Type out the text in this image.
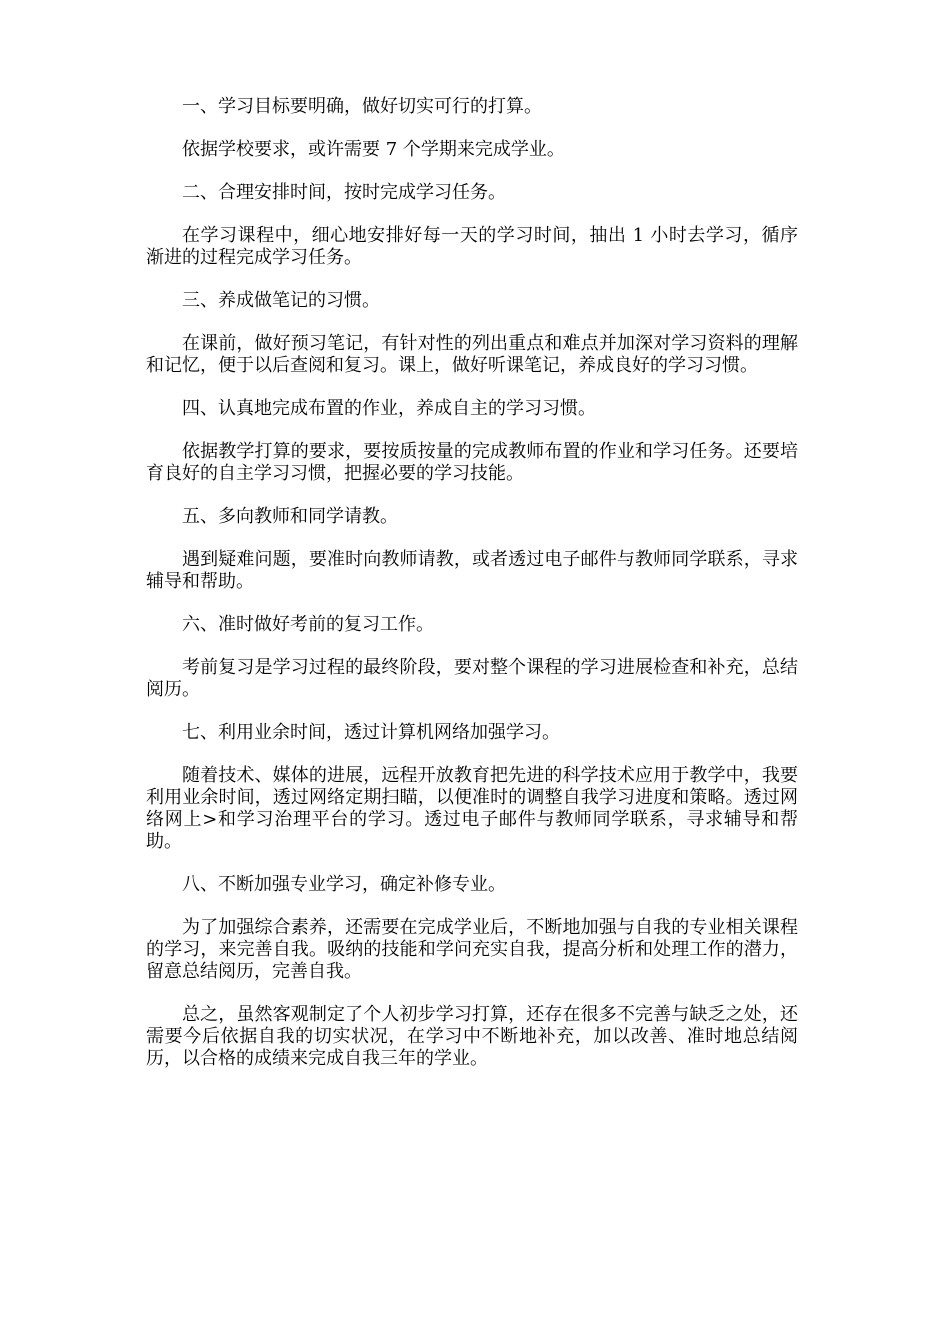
一、学习目标要明确，做好切实可行的打算。

依据学校要求，或许需要 7 个学期来完成学业。

二、合理安排时间，按时完成学习任务。

在学习课程中，细心地安排好每一天的学习时间，抽出 1 小时去学习，循序渐进的过程完成学习任务。

三、养成做笔记的习惯。

在课前，做好预习笔记，有针对性的列出重点和难点并加深对学习资料的理解和记忆，便于以后查阅和复习。课上，做好听课笔记，养成良好的学习习惯。

四、认真地完成布置的作业，养成自主的学习习惯。

依据教学打算的要求，要按质按量的完成教师布置的作业和学习任务。还要培育良好的自主学习习惯，把握必要的学习技能。

五、多向教师和同学请教。

遇到疑难问题，要准时向教师请教，或者透过电子邮件与教师同学联系，寻求辅导和帮助。

六、准时做好考前的复习工作。

考前复习是学习过程的最终阶段，要对整个课程的学习进展检查和补充，总结阅历。

七、利用业余时间，透过计算机网络加强学习。

随着技术、媒体的进展，远程开放教育把先进的科学技术应用于教学中，我要利用业余时间，透过网络定期扫瞄，以便准时的调整自我学习进度和策略。透过网络网上>和学习治理平台的学习。透过电子邮件与教师同学联系，寻求辅导和帮助。

八、不断加强专业学习，确定补修专业。

为了加强综合素养，还需要在完成学业后，不断地加强与自我的专业相关课程的学习，来完善自我。吸纳的技能和学问充实自我，提高分析和处理工作的潜力，留意总结阅历，完善自我。

总之，虽然客观制定了个人初步学习打算，还存在很多不完善与缺乏之处，还需要今后依据自我的切实状况，在学习中不断地补充，加以改善、准时地总结阅历，以合格的成绩来完成自我三年的学业。
